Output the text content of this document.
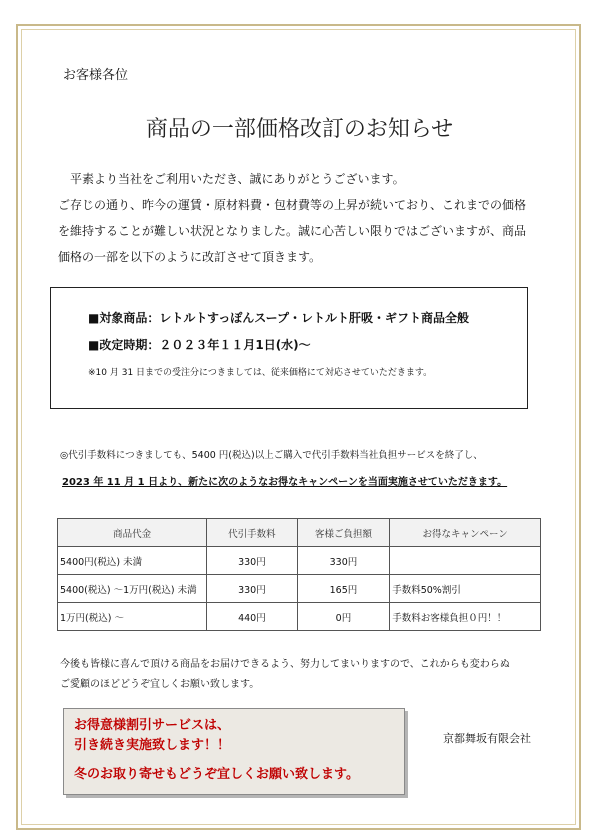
お客様各位
商品の一部価格改訂のお知らせ
　平素より当社をご利用いただき、誠にありがとうございます。
ご存じの通り、昨今の運賃・原材料費・包材費等の上昇が続いており、これまでの価格
を維持することが難しい状況となりました。誠に心苦しい限りではございますが、商品
価格の一部を以下のように改訂させて頂きます。
■対象商品：レトルトすっぽんスープ・レトルト肝吸・ギフト商品全般
■改定時期：２０２３年１１月1日(水)～
※10 月 31 日までの受注分につきましては、従来価格にて対応させていただきます。
◎代引手数料につきましても、5400 円(税込)以上ご購入で代引手数料当社負担サービスを終了し、
2023 年 11 月 1 日より、新たに次のようなお得なキャンペーンを当面実施させていただきます。
商品代金	代引手数料	客様ご負担額	お得なキャンペーン
5400円(税込) 未満	330円	330円	
5400(税込) ～1万円(税込) 未満	330円	165円	手数料50%割引
1万円(税込) ～	440円	0円	手数料お客様負担０円！！
今後も皆様に喜んで頂ける商品をお届けできるよう、努力してまいりますので、これからも変わらぬ
ご愛顧のほどどうぞ宜しくお願い致します。
お得意様割引サービスは、
引き続き実施致します！！
冬のお取り寄せもどうぞ宜しくお願い致します。
京都舞坂有限会社
